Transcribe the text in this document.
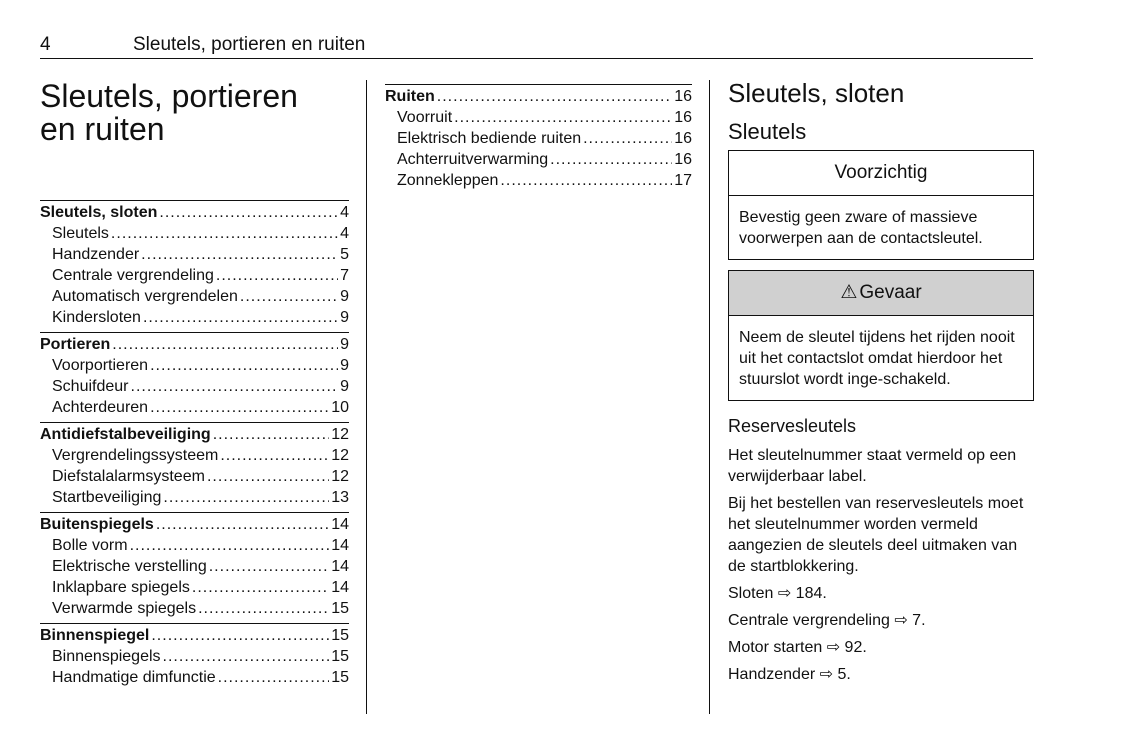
4	Sleutels, portieren en ruiten
Sleutels, portieren
en ruiten
Sleutels, sloten .....	4
Sleutels .....	4
Handzender .....	5
Centrale vergrendeling .....	7
Automatisch vergrendelen .....	9
Kindersloten .....	9
Portieren .....	9
Voorportieren .....	9
Schuifdeur .....	9
Achterdeuren .....	10
Antidiefstalbeveiliging .....	12
Vergrendelingssysteem .....	12
Diefstalalarmsysteem .....	12
Startbeveiliging .....	13
Buitenspiegels .....	14
Bolle vorm .....	14
Elektrische verstelling .....	14
Inklapbare spiegels .....	14
Verwarmde spiegels .....	15
Binnenspiegel .....	15
Binnenspiegels .....	15
Handmatige dimfunctie .....	15
Ruiten .....	16
Voorruit .....	16
Elektrisch bediende ruiten .....	16
Achterruitverwarming .....	16
Zonnekleppen .....	17
Sleutels, sloten
Sleutels
Voorzichtig
Bevestig geen zware of massieve voorwerpen aan de contactsleutel.
⚠ Gevaar
Neem de sleutel tijdens het rijden nooit uit het contactslot omdat hierdoor het stuurslot wordt inge-schakeld.
Reservesleutels

Het sleutelnummer staat vermeld op een verwijderbaar label.

Bij het bestellen van reservesleutels moet het sleutelnummer worden vermeld aangezien de sleutels deel uitmaken van de startblokkering.

Sloten ⇨ 184.

Centrale vergrendeling ⇨ 7.

Motor starten ⇨ 92.

Handzender ⇨ 5.
